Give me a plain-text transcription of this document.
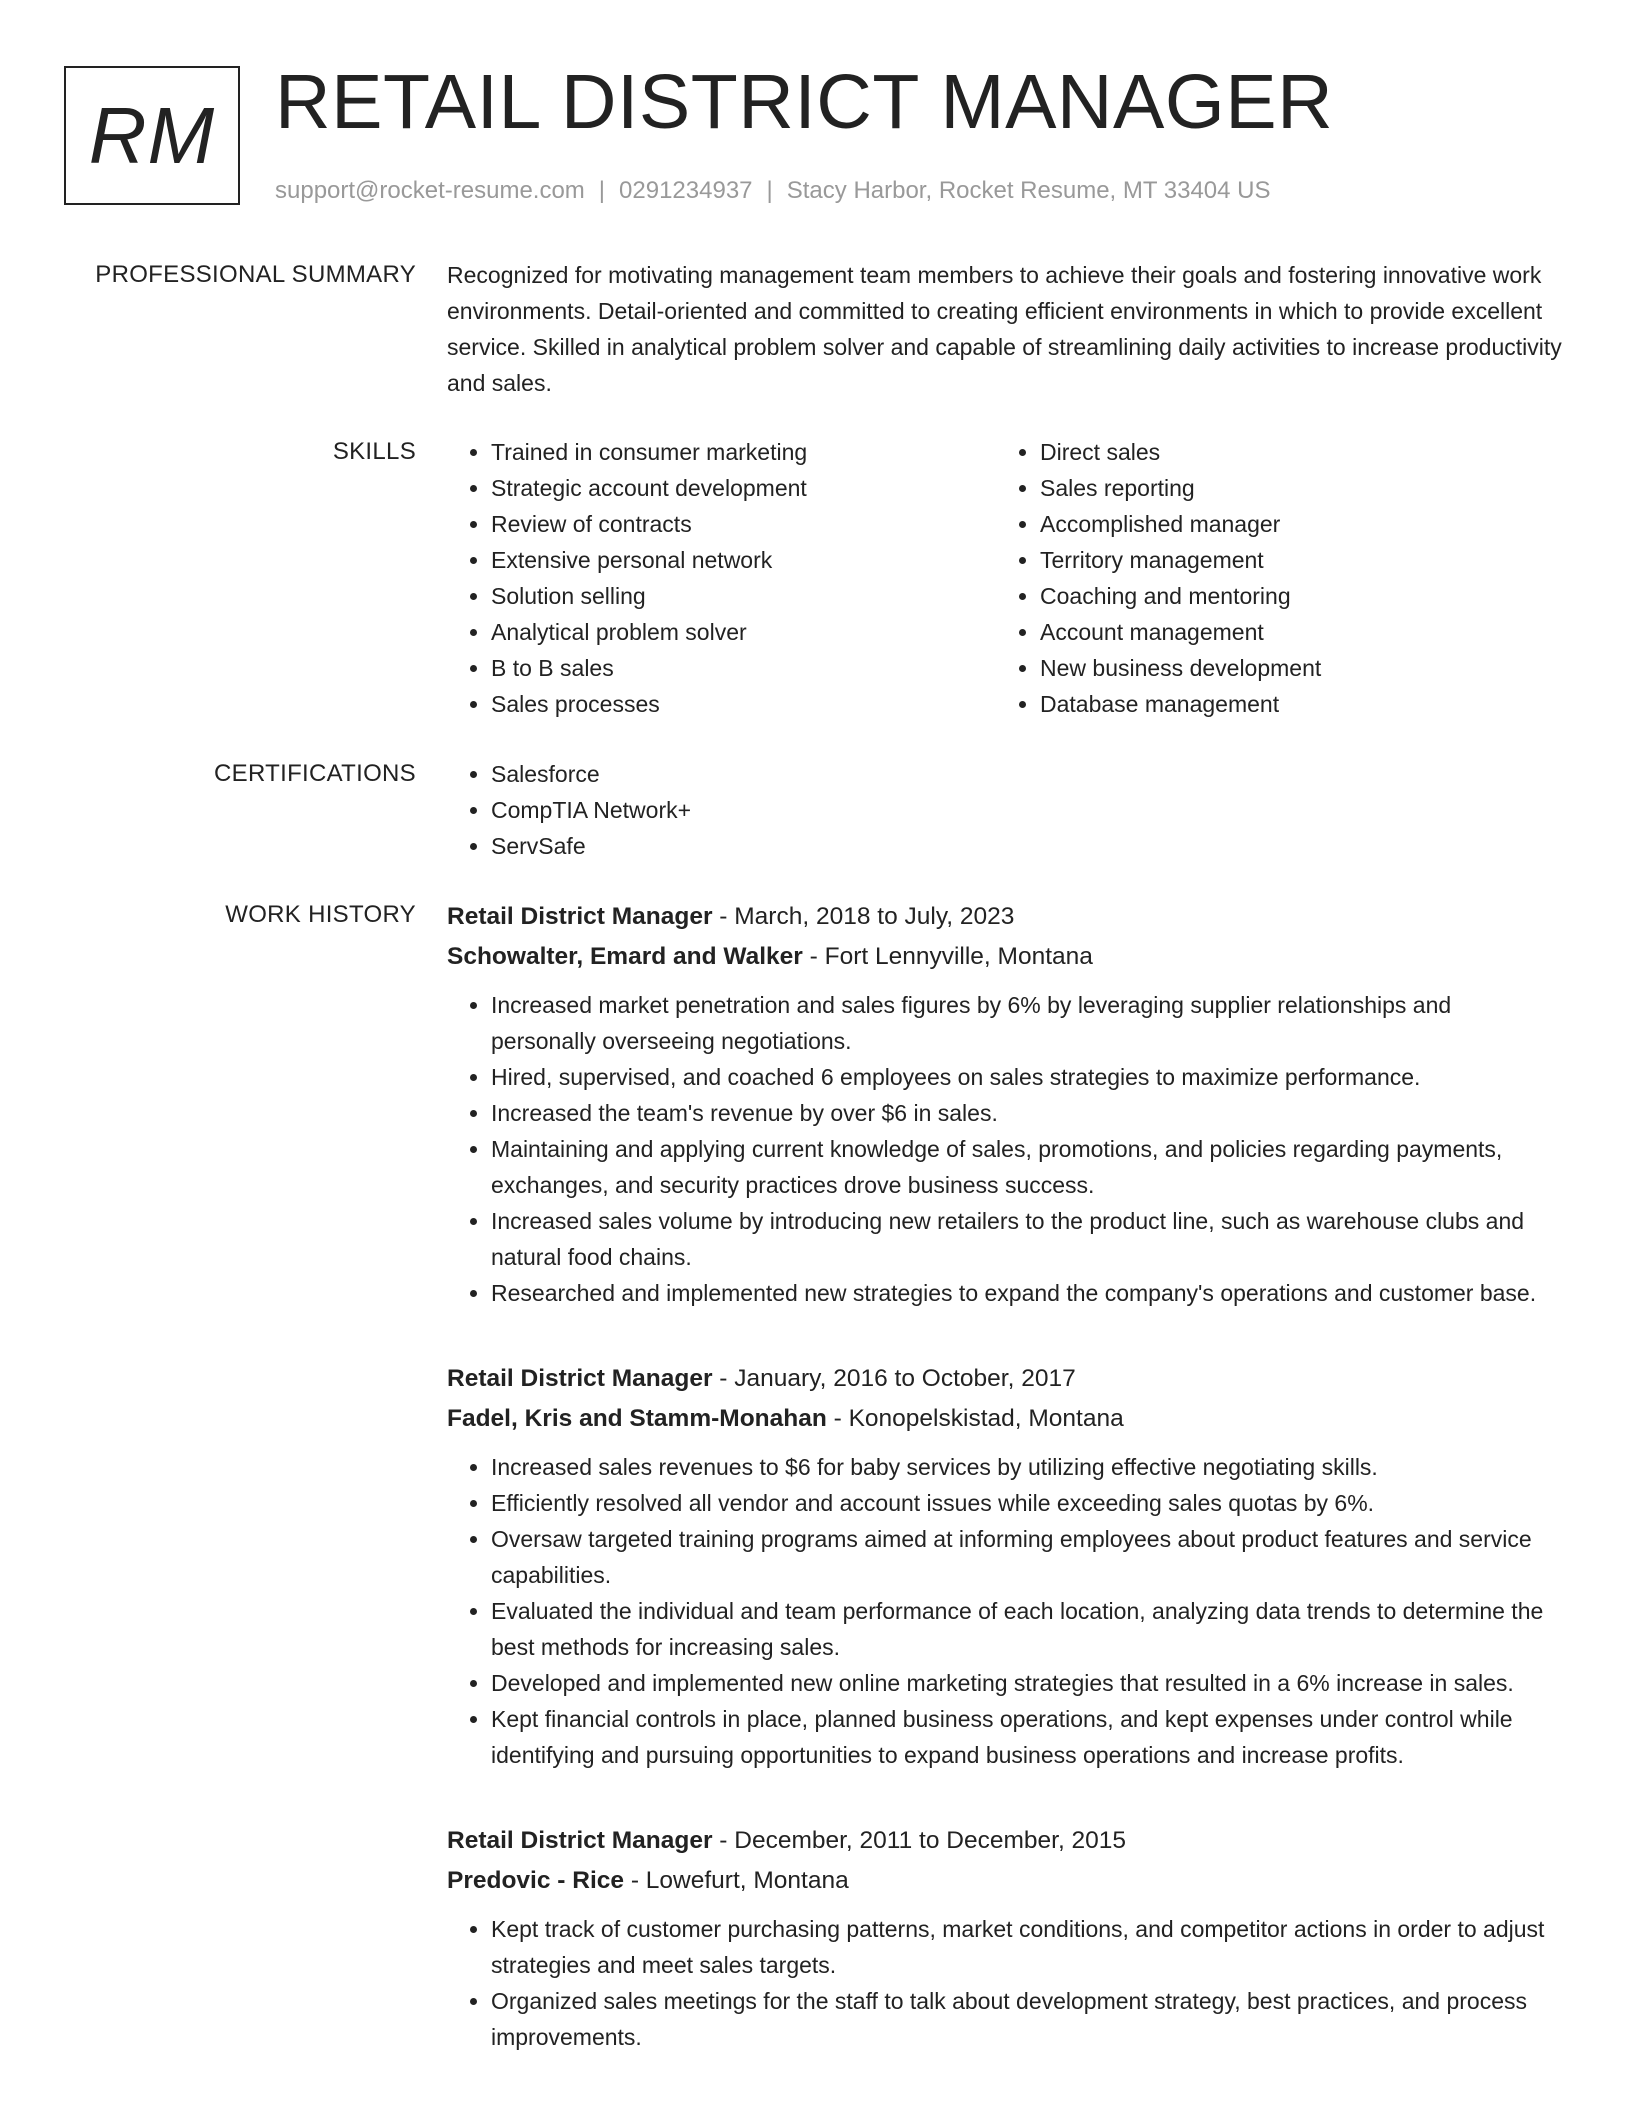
RM RETAIL DISTRICT MANAGER
support@rocket-resume.com | 0291234937 | Stacy Harbor, Rocket Resume, MT 33404 US
PROFESSIONAL SUMMARY Recognized for motivating management team members to achieve their goals and fostering innovative work environments. Detail-oriented and committed to creating efficient environments in which to provide excellent service. Skilled in analytical problem solver and capable of streamlining daily activities to increase productivity and sales.

SKILLS	• Trained in consumer marketing
• Strategic account development
• Review of contracts
• Extensive personal network
• Solution selling
• Analytical problem solver
• B to B sales
• Sales processes
• Direct sales
• Sales reporting
• Accomplished manager
• Territory management
• Coaching and mentoring
• Account management
• New business development
• Database management
CERTIFICATIONS	• Salesforce
• CompTIA Network+
• ServSafe
WORK HISTORY Retail District Manager - March, 2018 to July, 2023
Schowalter, Emard and Walker - Fort Lennyville, Montana
• Increased market penetration and sales figures by 6% by leveraging supplier relationships and personally overseeing negotiations.
• Hired, supervised, and coached 6 employees on sales strategies to maximize performance.
• Increased the team's revenue by over $6 in sales.
• Maintaining and applying current knowledge of sales, promotions, and policies regarding payments, exchanges, and security practices drove business success.
• Increased sales volume by introducing new retailers to the product line, such as warehouse clubs and natural food chains.
• Researched and implemented new strategies to expand the company's operations and customer base.
Retail District Manager - January, 2016 to October, 2017
Fadel, Kris and Stamm-Monahan - Konopelskistad, Montana
• Increased sales revenues to $6 for baby services by utilizing effective negotiating skills.
• Efficiently resolved all vendor and account issues while exceeding sales quotas by 6%.
• Oversaw targeted training programs aimed at informing employees about product features and service capabilities.
• Evaluated the individual and team performance of each location, analyzing data trends to determine the best methods for increasing sales.
• Developed and implemented new online marketing strategies that resulted in a 6% increase in sales.
• Kept financial controls in place, planned business operations, and kept expenses under control while identifying and pursuing opportunities to expand business operations and increase profits.
Retail District Manager - December, 2011 to December, 2015
Predovic - Rice - Lowefurt, Montana
• Kept track of customer purchasing patterns, market conditions, and competitor actions in order to adjust strategies and meet sales targets.
• Organized sales meetings for the staff to talk about development strategy, best practices, and process improvements.
